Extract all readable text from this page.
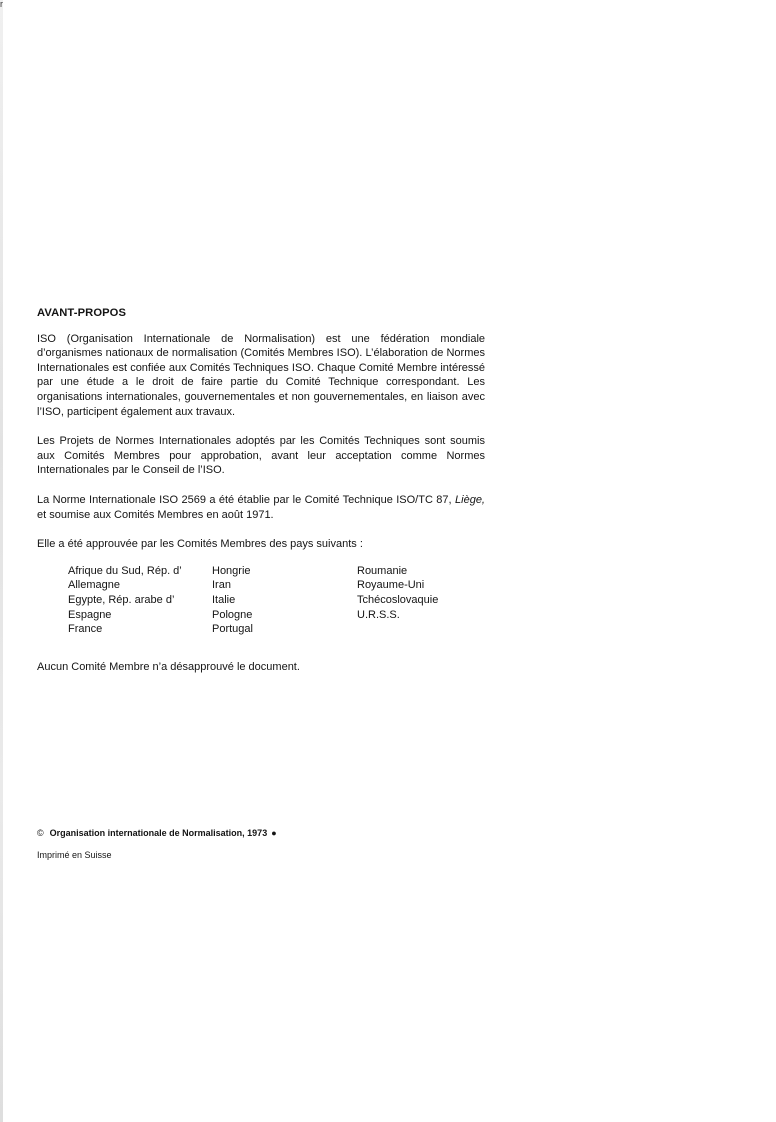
r
AVANT-PROPOS

ISO (Organisation Internationale de Normalisation) est une fédération mondiale d’organismes nationaux de normalisation (Comités Membres ISO). L’élaboration de Normes Internationales est confiée aux Comités Techniques ISO. Chaque Comité Membre intéressé par une étude a le droit de faire partie du Comité Technique correspondant. Les organisations internationales, gouvernementales et non gouvernementales, en liaison avec l’ISO, participent également aux travaux.

Les Projets de Normes Internationales adoptés par les Comités Techniques sont soumis aux Comités Membres pour approbation, avant leur acceptation comme Normes Internationales par le Conseil de l’ISO.

La Norme Internationale ISO 2569 a été établie par le Comité Technique ISO/TC 87, Liège, et soumise aux Comités Membres en août 1971.

Elle a été approuvée par les Comités Membres des pays suivants :

Afrique du Sud, Rép. d’
Allemagne
Egypte, Rép. arabe d’
Espagne
France
Hongrie
Iran
Italie
Pologne
Portugal
Roumanie
Royaume-Uni
Tchécoslovaquie
U.R.S.S.

Aucun Comité Membre n’a désapprouvé le document.

© Organisation internationale de Normalisation, 1973 ●
Imprimé en Suisse
